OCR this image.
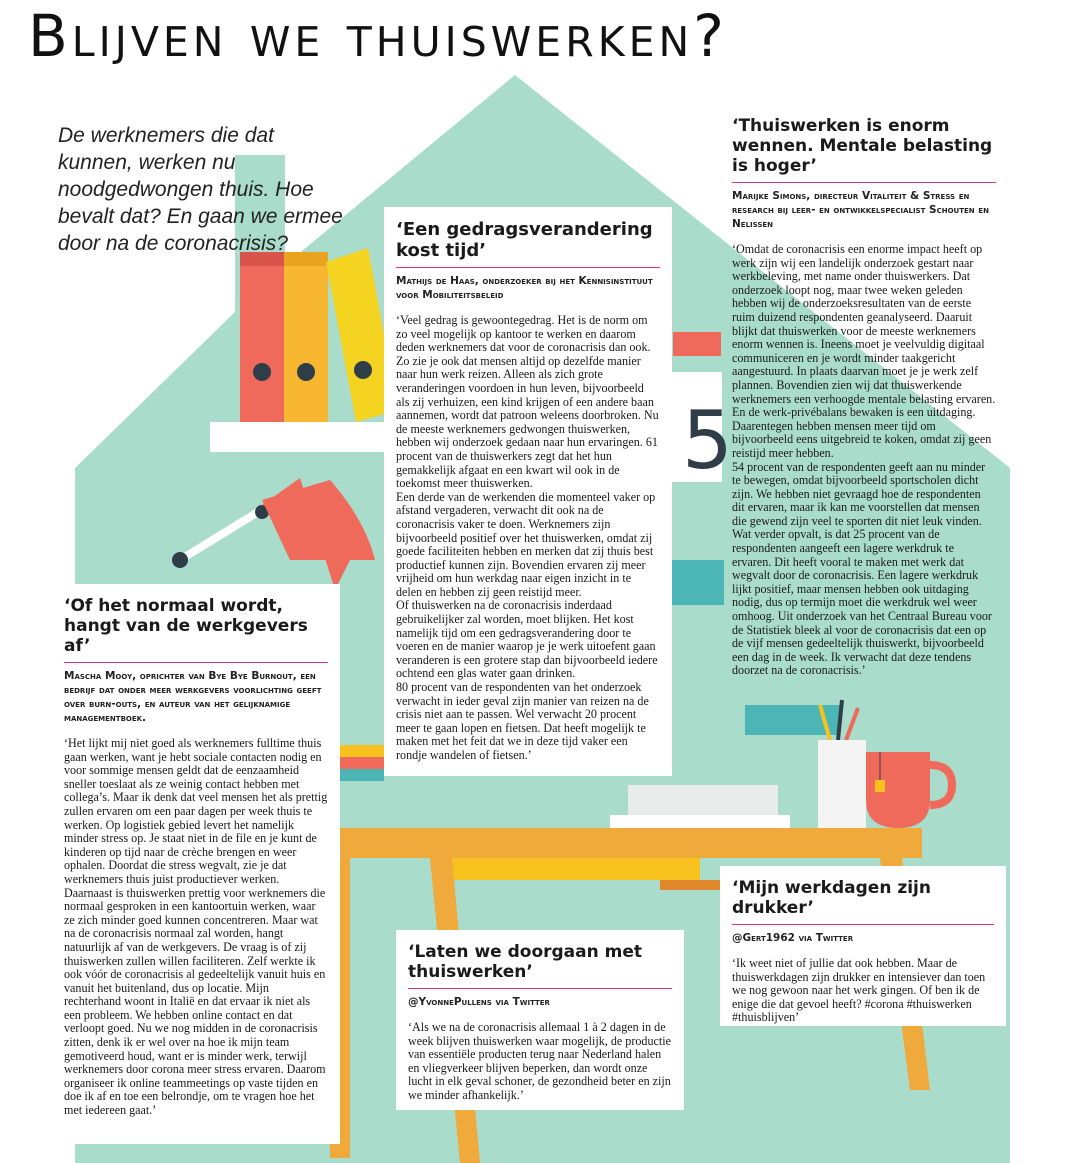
5
Blijven we thuiswerken?

De werknemers die dat kunnen, werken nu noodgedwongen thuis. Hoe bevalt dat? En gaan we ermee door na de coronacrisis?

‘Een gedragsverandering kost tijd’
Mathijs de Haas, onderzoeker bij het Kennisinstituut voor Mobiliteitsbeleid

‘Veel gedrag is gewoontegedrag. Het is de norm om zo veel mogelijk op kantoor te werken en daarom deden werknemers dat voor de coronacrisis dan ook. Zo zie je ook dat mensen altijd op dezelfde manier naar hun werk reizen. Alleen als zich grote veranderingen voordoen in hun leven, bijvoorbeeld als zij verhuizen, een kind krijgen of een andere baan aannemen, wordt dat patroon weleens doorbroken. Nu de meeste werknemers gedwongen thuiswerken, hebben wij onderzoek gedaan naar hun ervaringen. 61 procent van de thuiswerkers zegt dat het hun gemakkelijk afgaat en een kwart wil ook in de toekomst meer thuiswerken.
Een derde van de werkenden die momenteel vaker op afstand vergaderen, verwacht dit ook na de coronacrisis vaker te doen. Werknemers zijn bijvoorbeeld positief over het thuiswerken, omdat zij goede faciliteiten hebben en merken dat zij thuis best productief kunnen zijn. Bovendien ervaren zij meer vrijheid om hun werkdag naar eigen inzicht in te delen en hebben zij geen reistijd meer.
Of thuiswerken na de coronacrisis inderdaad gebruikelijker zal worden, moet blijken. Het kost namelijk tijd om een gedragsverandering door te voeren en de manier waarop je je werk uitoefent gaan veranderen is een grotere stap dan bijvoorbeeld iedere ochtend een glas water gaan drinken.
80 procent van de respondenten van het onderzoek verwacht in ieder geval zijn manier van reizen na de crisis niet aan te passen. Wel verwacht 20 procent meer te gaan lopen en fietsen. Dat heeft mogelijk te maken met het feit dat we in deze tijd vaker een rondje wandelen of fietsen.’

‘Thuiswerken is enorm wennen. Mentale belasting is hoger’
Marijke Simons, directeur Vitaliteit & Stress en research bij leer- en ontwikkelspecialist Schouten en Nelissen

‘Omdat de coronacrisis een enorme impact heeft op werk zijn wij een landelijk onderzoek gestart naar werkbeleving, met name onder thuiswerkers. Dat onderzoek loopt nog, maar twee weken geleden hebben wij de onderzoeksresultaten van de eerste ruim duizend respondenten geanalyseerd. Daaruit blijkt dat thuiswerken voor de meeste werknemers enorm wennen is. Ineens moet je veelvuldig digitaal communiceren en je wordt minder taakgericht aangestuurd. In plaats daarvan moet je je werk zelf plannen. Bovendien zien wij dat thuiswerkende werknemers een verhoogde mentale belasting ervaren. En de werk-privébalans bewaken is een uitdaging. Daarentegen hebben mensen meer tijd om bijvoorbeeld eens uitgebreid te koken, omdat zij geen reistijd meer hebben.
54 procent van de respondenten geeft aan nu minder te bewegen, omdat bijvoorbeeld sportscholen dicht zijn. We hebben niet gevraagd hoe de respondenten dit ervaren, maar ik kan me voorstellen dat mensen die gewend zijn veel te sporten dit niet leuk vinden.
Wat verder opvalt, is dat 25 procent van de respondenten aangeeft een lagere werkdruk te ervaren. Dit heeft vooral te maken met werk dat wegvalt door de coronacrisis. Een lagere werkdruk lijkt positief, maar mensen hebben ook uitdaging nodig, dus op termijn moet die werkdruk wel weer omhoog. Uit onderzoek van het Centraal Bureau voor de Statistiek bleek al voor de coronacrisis dat een op de vijf mensen gedeeltelijk thuiswerkt, bijvoorbeeld een dag in de week. Ik verwacht dat deze tendens doorzet na de coronacrisis.’

‘Of het normaal wordt, hangt van de werkgevers af’
Mascha Mooy, oprichter van Bye Bye Burnout, een bedrijf dat onder meer werkgevers voorlichting geeft over burn-outs, en auteur van het gelijknamige managementboek.

‘Het lijkt mij niet goed als werknemers fulltime thuis gaan werken, want je hebt sociale contacten nodig en voor sommige mensen geldt dat de eenzaamheid sneller toeslaat als ze weinig contact hebben met collega’s. Maar ik denk dat veel mensen het als prettig zullen ervaren om een paar dagen per week thuis te werken. Op logistiek gebied levert het namelijk minder stress op. Je staat niet in de file en je kunt de kinderen op tijd naar de crèche brengen en weer ophalen. Doordat die stress wegvalt, zie je dat werknemers thuis juist productiever werken. Daarnaast is thuiswerken prettig voor werknemers die normaal gesproken in een kantoortuin werken, waar ze zich minder goed kunnen concentreren. Maar wat na de coronacrisis normaal zal worden, hangt natuurlijk af van de werkgevers. De vraag is of zij thuiswerken zullen willen faciliteren. Zelf werkte ik ook vóór de coronacrisis al gedeeltelijk vanuit huis en vanuit het buitenland, dus op locatie. Mijn rechterhand woont in Italië en dat ervaar ik niet als een probleem. We hebben online contact en dat verloopt goed. Nu we nog midden in de coronacrisis zitten, denk ik er wel over na hoe ik mijn team gemotiveerd houd, want er is minder werk, terwijl werknemers door corona meer stress ervaren. Daarom organiseer ik online teammeetings op vaste tijden en doe ik af en toe een belrondje, om te vragen hoe het met iedereen gaat.’

‘Laten we doorgaan met thuiswerken’
@YvonnePullens via Twitter

‘Als we na de coronacrisis allemaal 1 à 2 dagen in de week blijven thuiswerken waar mogelijk, de productie van essentiële producten terug naar Nederland halen en vliegverkeer blijven beperken, dan wordt onze lucht in elk geval schoner, de gezondheid beter en zijn we minder afhankelijk.’

‘Mijn werkdagen zijn drukker’
@Gert1962 via Twitter

‘Ik weet niet of jullie dat ook hebben. Maar de thuiswerkdagen zijn drukker en intensiever dan toen we nog gewoon naar het werk gingen. Of ben ik de enige die dat gevoel heeft? #corona #thuiswerken #thuisblijven’
